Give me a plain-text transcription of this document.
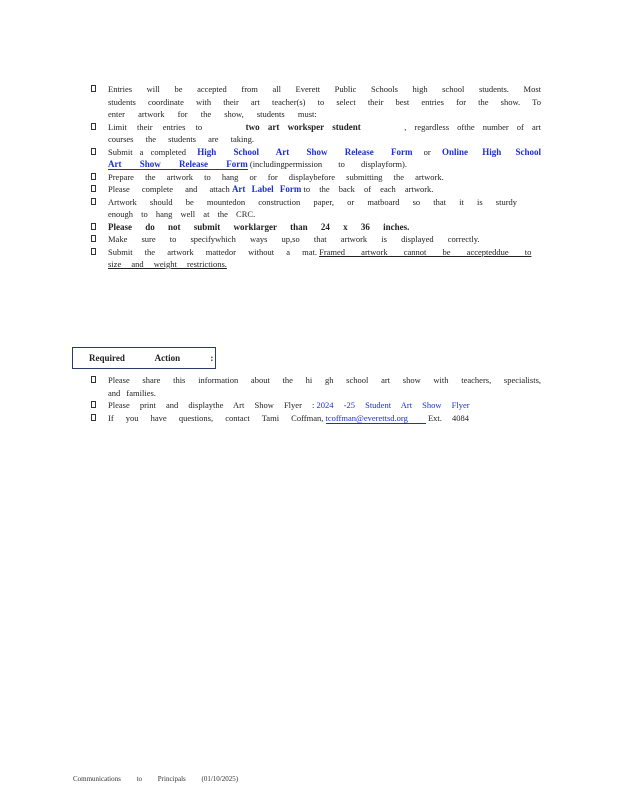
Entries will be accepted from all Everett Public Schools high school students. Most
students coordinate with their art teacher(s) to select their best entries for the show. To
enter artwork for the show, students must:
Limit their entries to	two art worksper student	, regardless ofthe number of art
courses the students are taking.
Submit a completed High School Art Show Release Form or Online High School
Art Show Release Form (includingpermission to displayform).
Prepare the artwork to hang or for displaybefore submitting the artwork.
Please complete and attach Art Label Form to the back of each artwork.
Artwork should be mountedon construction paper, or matboard so that it is sturdy
enough to hang well at the CRC.
Please do not submit worklarger than 24 x 36 inches.
Make sure to specifywhich ways up,so that artwork is displayed correctly.
Submit the artwork mattedor without a mat. Framed artwork cannot be accepteddue to
size and weight restrictions.
Required Action :
Please share this information about the hi gh school art show with teachers, specialists,
and families.
Please print and displaythe Art Show Flyer : 2024 -25 Student Art Show Flyer
If you have questions, contact Tami Coffman, tcoffman@everettsd.org Ext. 4084
Communications to Principals (01/10/2025)
